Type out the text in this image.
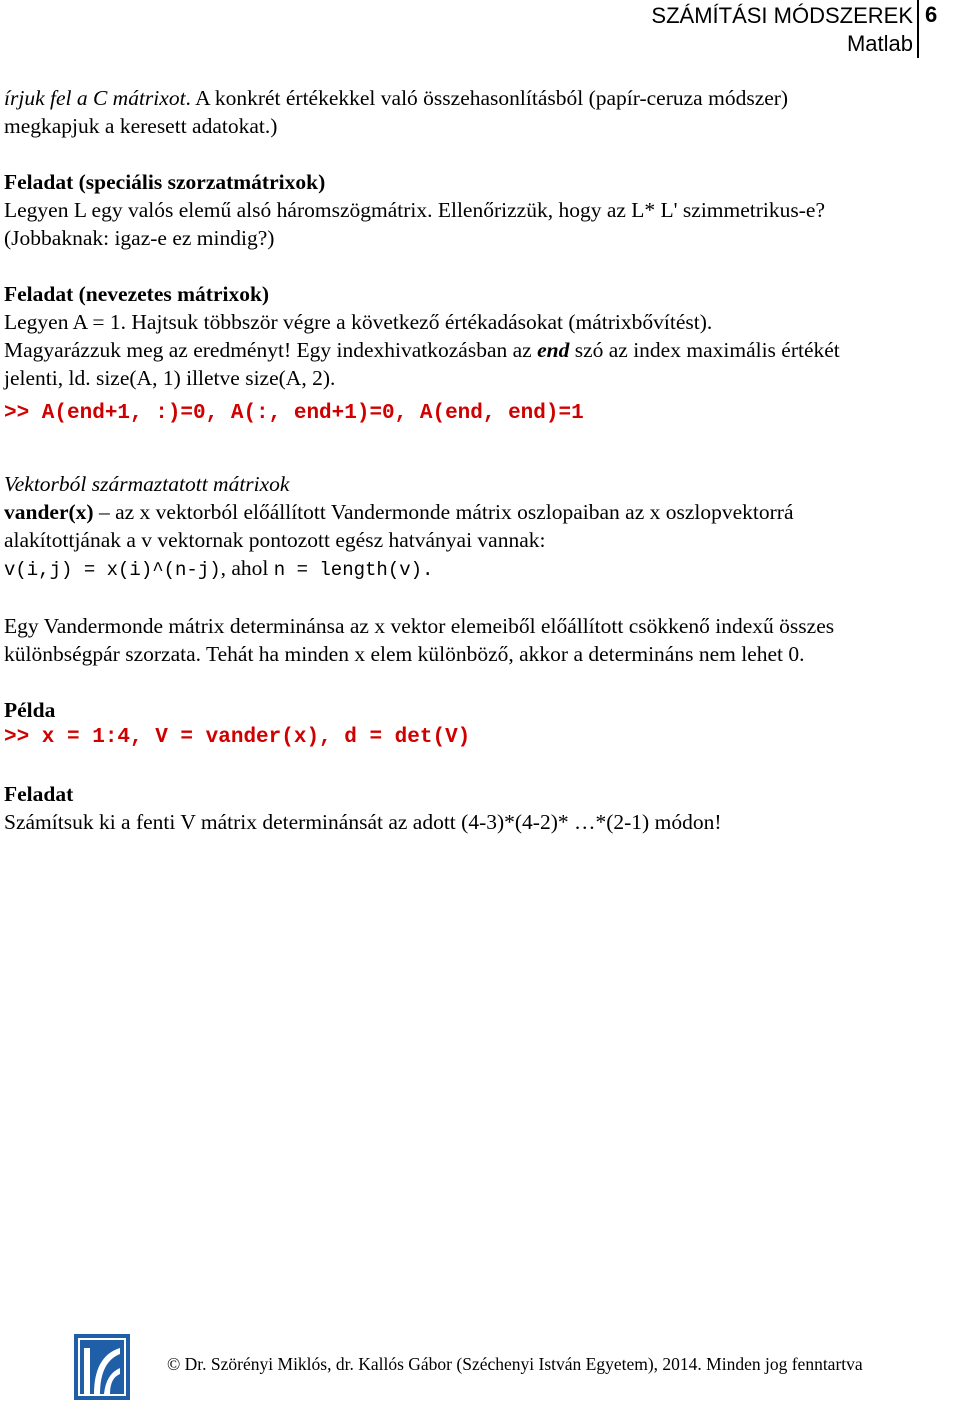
SZÁMÍTÁSI MÓDSZEREK
Matlab
6
írjuk fel a C mátrixot. A konkrét értékekkel való összehasonlításból (papír-ceruza módszer)
megkapjuk a keresett adatokat.)
Feladat (speciális szorzatmátrixok)
Legyen L egy valós elemű alsó háromszögmátrix. Ellenőrizzük, hogy az L* L' szimmetrikus-e?
(Jobbaknak: igaz-e ez mindig?)
Feladat (nevezetes mátrixok)
Legyen A = 1. Hajtsuk többször végre a következő értékadásokat (mátrixbővítést).
Magyarázzuk meg az eredményt! Egy indexhivatkozásban az end szó az index maximális értékét
jelenti, ld. size(A, 1) illetve size(A, 2).
>> A(end+1, :)=0, A(:, end+1)=0, A(end, end)=1
Vektorból származtatott mátrixok
vander(x) – az x vektorból előállított Vandermonde mátrix oszlopaiban az x oszlopvektorrá
alakítottjának a v vektornak pontozott egész hatványai vannak:
v(i,j) = x(i)^(n-j), ahol n = length(v).
Egy Vandermonde mátrix determinánsa az x vektor elemeiből előállított csökkenő indexű összes
különbségpár szorzata. Tehát ha minden x elem különböző, akkor a determináns nem lehet 0.
Példa
>> x = 1:4, V = vander(x), d = det(V)
Feladat
Számítsuk ki a fenti V mátrix determinánsát az adott (4-3)*(4-2)* …*(2-1) módon!
© Dr. Szörényi Miklós, dr. Kallós Gábor (Széchenyi István Egyetem), 2014. Minden jog fenntartva
